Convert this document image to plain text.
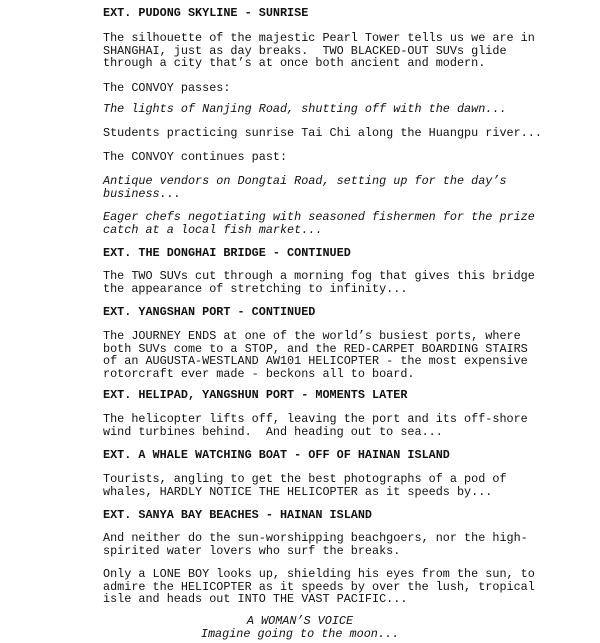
EXT. PUDONG SKYLINE - SUNRISE

The silhouette of the majestic Pearl Tower tells us we are in
SHANGHAI, just as day breaks.  TWO BLACKED-OUT SUVs glide
through a city that’s at once both ancient and modern.

The CONVOY passes:

The lights of Nanjing Road, shutting off with the dawn...

Students practicing sunrise Tai Chi along the Huangpu river...

The CONVOY continues past:

Antique vendors on Dongtai Road, setting up for the day’s
business...

Eager chefs negotiating with seasoned fishermen for the prize
catch at a local fish market...

EXT. THE DONGHAI BRIDGE - CONTINUED

The TWO SUVs cut through a morning fog that gives this bridge
the appearance of stretching to infinity...

EXT. YANGSHAN PORT - CONTINUED

The JOURNEY ENDS at one of the world’s busiest ports, where
both SUVs come to a STOP, and the RED-CARPET BOARDING STAIRS
of an AUGUSTA-WESTLAND AW101 HELICOPTER - the most expensive
rotorcraft ever made - beckons all to board.

EXT. HELIPAD, YANGSHUN PORT - MOMENTS LATER

The helicopter lifts off, leaving the port and its off-shore
wind turbines behind.  And heading out to sea...

EXT. A WHALE WATCHING BOAT - OFF OF HAINAN ISLAND

Tourists, angling to get the best photographs of a pod of
whales, HARDLY NOTICE THE HELICOPTER as it speeds by...

EXT. SANYA BAY BEACHES - HAINAN ISLAND

And neither do the sun-worshipping beachgoers, nor the high-
spirited water lovers who surf the breaks.

Only a LONE BOY looks up, shielding his eyes from the sun, to
admire the HELICOPTER as it speeds by over the lush, tropical
isle and heads out INTO THE VAST PACIFIC...

A WOMAN’S VOICE

Imagine going to the moon...
